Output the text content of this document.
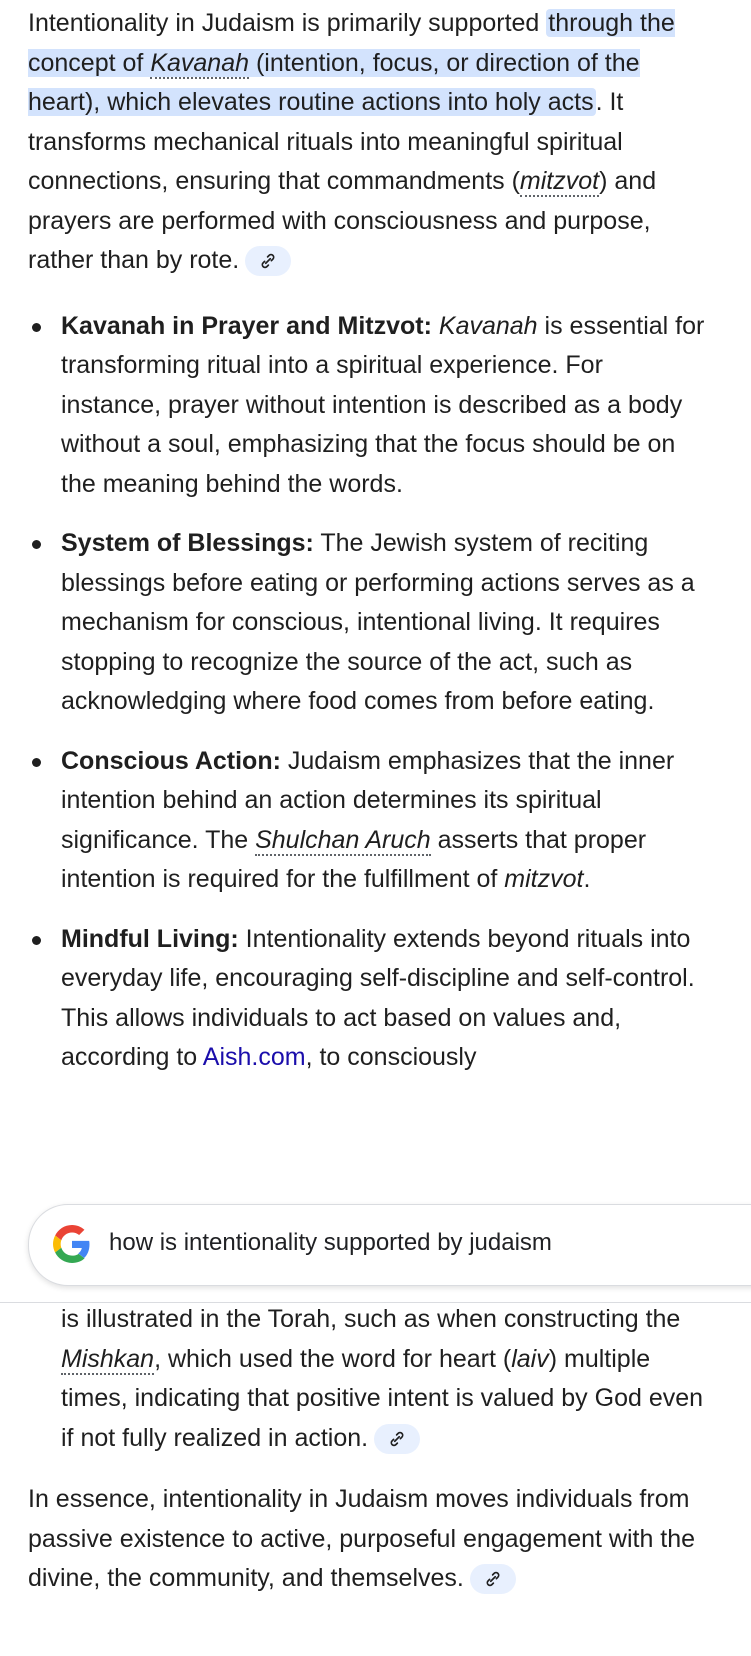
Intentionality in Judaism is primarily supported through the concept of Kavanah (intention, focus, or direction of the heart), which elevates routine actions into holy acts. It transforms mechanical rituals into meaningful spiritual connections, ensuring that commandments (mitzvot) and prayers are performed with consciousness and purpose, rather than by rote.

Kavanah in Prayer and Mitzvot: Kavanah is essential for transforming ritual into a spiritual experience. For instance, prayer without intention is described as a body without a soul, emphasizing that the focus should be on the meaning behind the words.
System of Blessings: The Jewish system of reciting blessings before eating or performing actions serves as a mechanism for conscious, intentional living. It requires stopping to recognize the source of the act, such as acknowledging where food comes from before eating.
Conscious Action: Judaism emphasizes that the inner intention behind an action determines its spiritual significance. The Shulchan Aruch asserts that proper intention is required for the fulfillment of mitzvot.
Mindful Living: Intentionality extends beyond rituals into everyday life, encouraging self-discipline and self-control. This allows individuals to act based on values and, according to Aish.com, to consciously
how is intentionality supported by judaism

is illustrated in the Torah, such as when constructing the Mishkan, which used the word for heart (laiv) multiple times, indicating that positive intent is valued by God even if not fully realized in action.

In essence, intentionality in Judaism moves individuals from passive existence to active, purposeful engagement with the divine, the community, and themselves.
